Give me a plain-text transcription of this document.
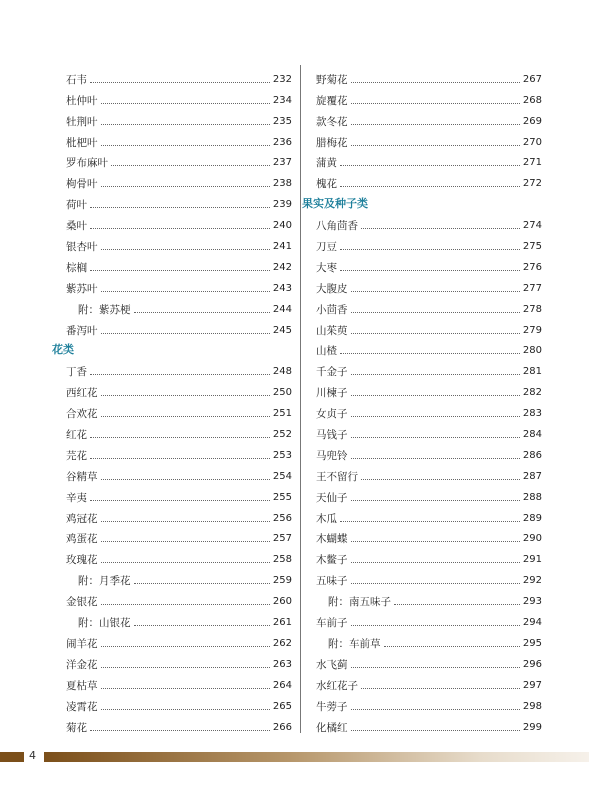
石韦	232
杜仲叶	234
牡荆叶	235
枇杷叶	236
罗布麻叶	237
枸骨叶	238
荷叶	239
桑叶	240
银杏叶	241
棕榈	242
紫苏叶	243
附：紫苏梗	244
番泻叶	245
花类
丁香	248
西红花	250
合欢花	251
红花	252
芫花	253
谷精草	254
辛夷	255
鸡冠花	256
鸡蛋花	257
玫瑰花	258
附：月季花	259
金银花	260
附：山银花	261
闹羊花	262
洋金花	263
夏枯草	264
凌霄花	265
菊花	266
野菊花	267
旋覆花	268
款冬花	269
腊梅花	270
蒲黄	271
槐花	272
果实及种子类
八角茴香	274
刀豆	275
大枣	276
大腹皮	277
小茴香	278
山茱萸	279
山楂	280
千金子	281
川楝子	282
女贞子	283
马钱子	284
马兜铃	286
王不留行	287
天仙子	288
木瓜	289
木蝴蝶	290
木鳖子	291
五味子	292
附：南五味子	293
车前子	294
附：车前草	295
水飞蓟	296
水红花子	297
牛蒡子	298
化橘红	299
4
